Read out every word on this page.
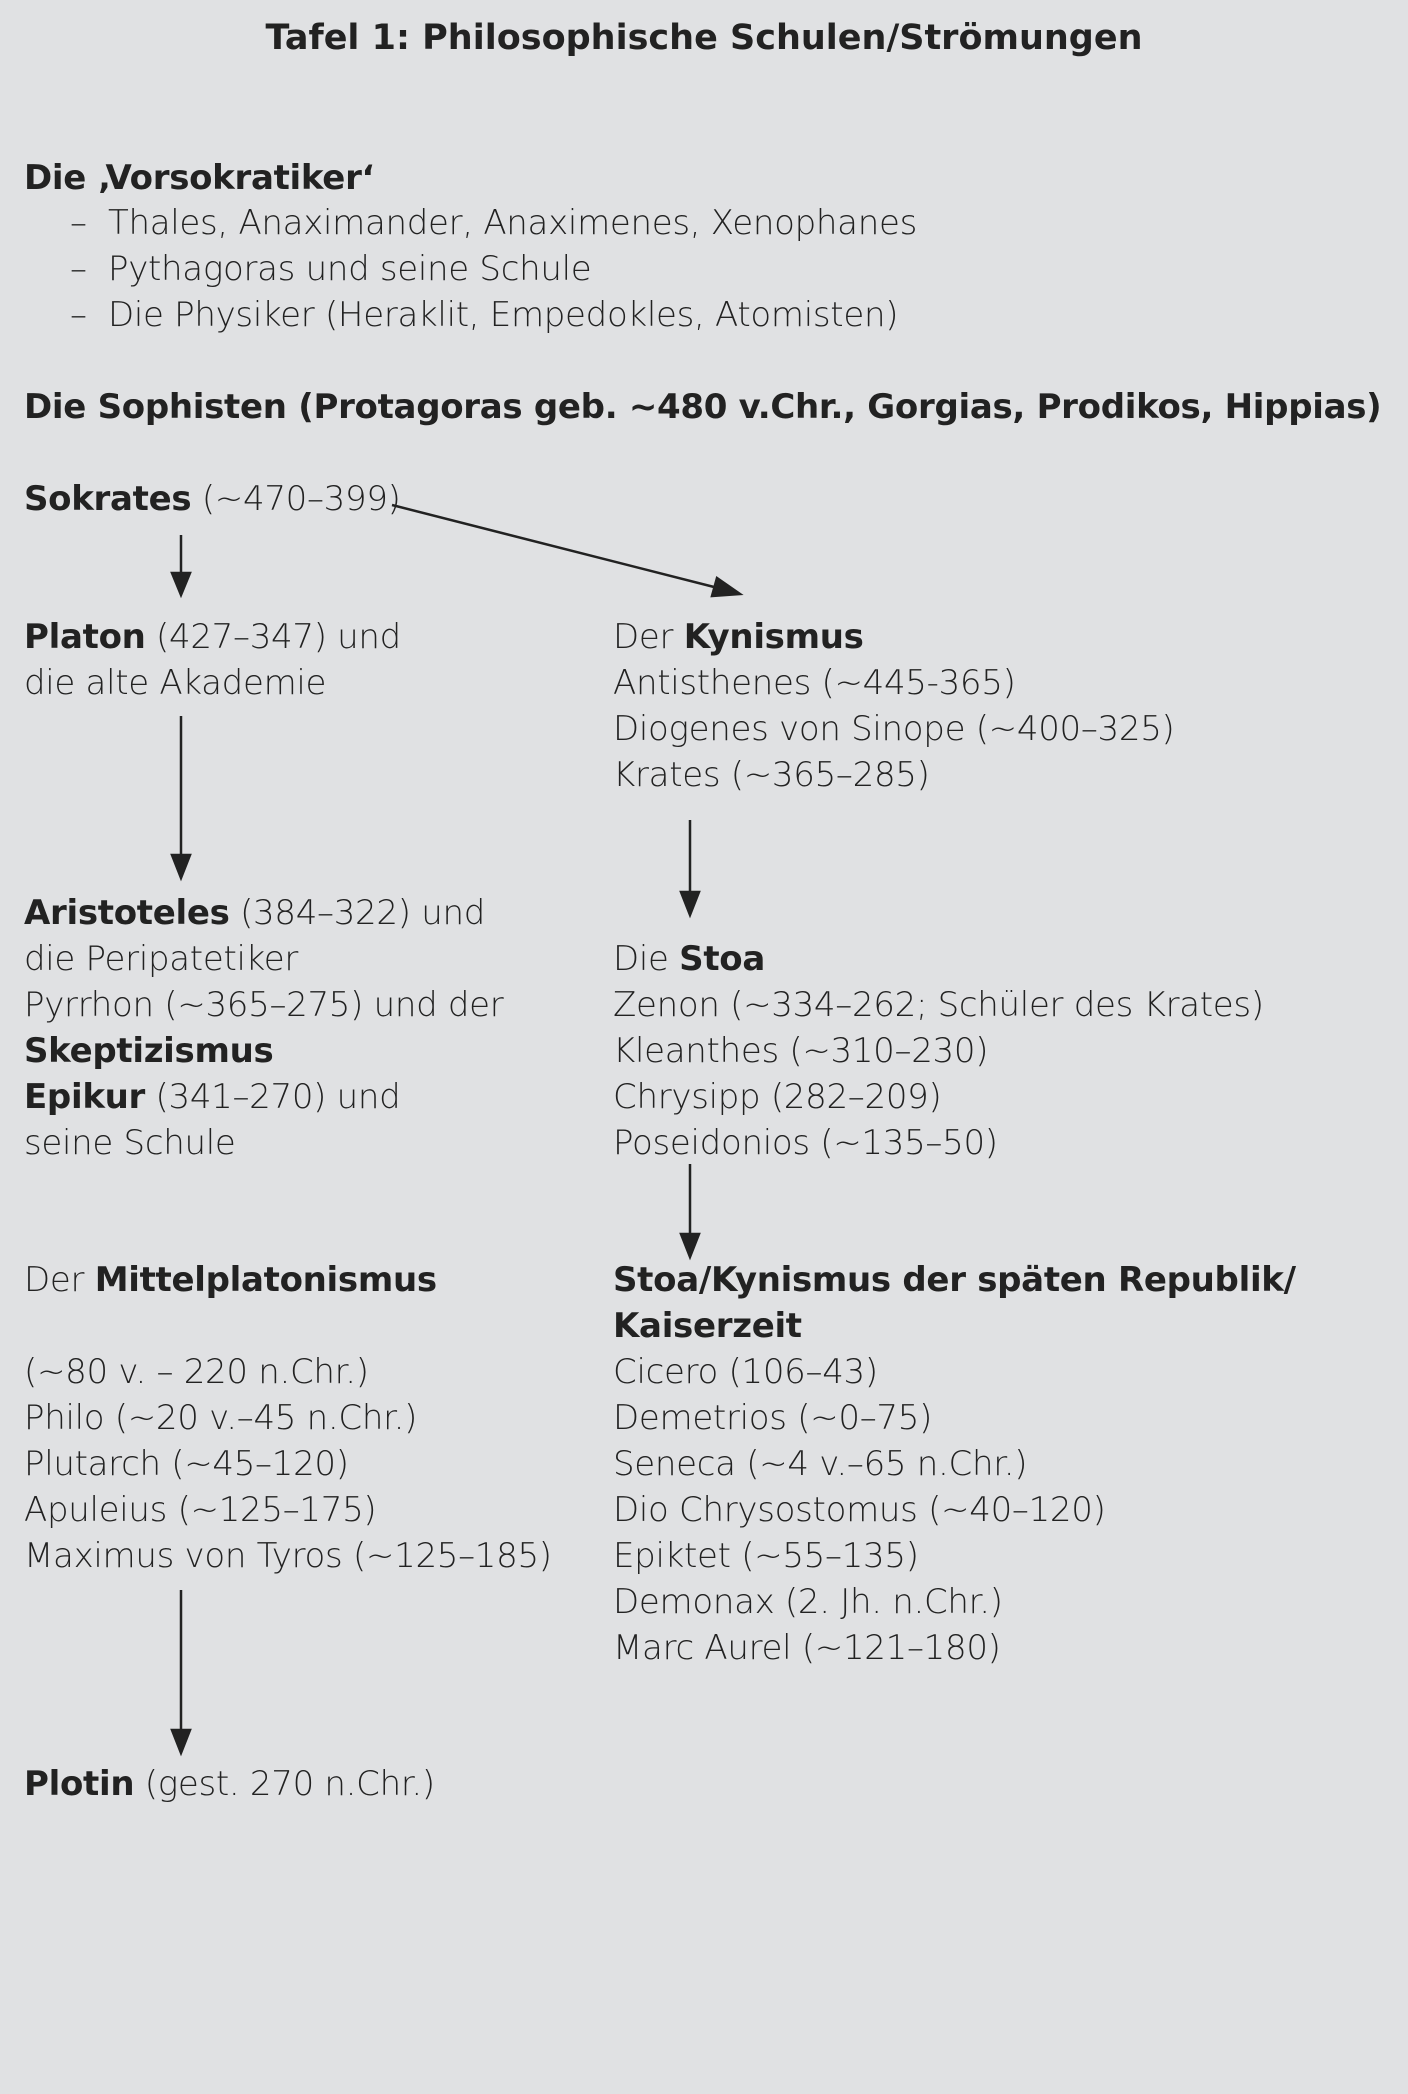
Tafel 1: Philosophische Schulen/Strömungen
Die ‚Vorsokratiker‘
– Thales, Anaximander, Anaximenes, Xenophanes
– Pythagoras und seine Schule
– Die Physiker (Heraklit, Empedokles, Atomisten)
Die Sophisten (Protagoras geb. ~480 v.Chr., Gorgias, Prodikos, Hippias)
Sokrates (~470–399)
Platon (427–347) und
die alte Akademie
Der Kynismus
Antisthenes (~445-365)
Diogenes von Sinope (~400–325)
Krates (~365–285)
Aristoteles (384–322) und
die Peripatetiker
Pyrrhon (~365–275) und der
Skeptizismus
Epikur (341–270) und
seine Schule
Die Stoa
Zenon (~334–262; Schüler des Krates)
Kleanthes (~310–230)
Chrysipp (282–209)
Poseidonios (~135–50)
Der Mittelplatonismus
(~80 v. – 220 n.Chr.)
Philo (~20 v.–45 n.Chr.)
Plutarch (~45–120)
Apuleius (~125–175)
Maximus von Tyros (~125–185)
Stoa/Kynismus der späten Republik/
Kaiserzeit
Cicero (106–43)
Demetrios (~0–75)
Seneca (~4 v.–65 n.Chr.)
Dio Chrysostomus (~40–120)
Epiktet (~55–135)
Demonax (2. Jh. n.Chr.)
Marc Aurel (~121–180)
Plotin (gest. 270 n.Chr.)
